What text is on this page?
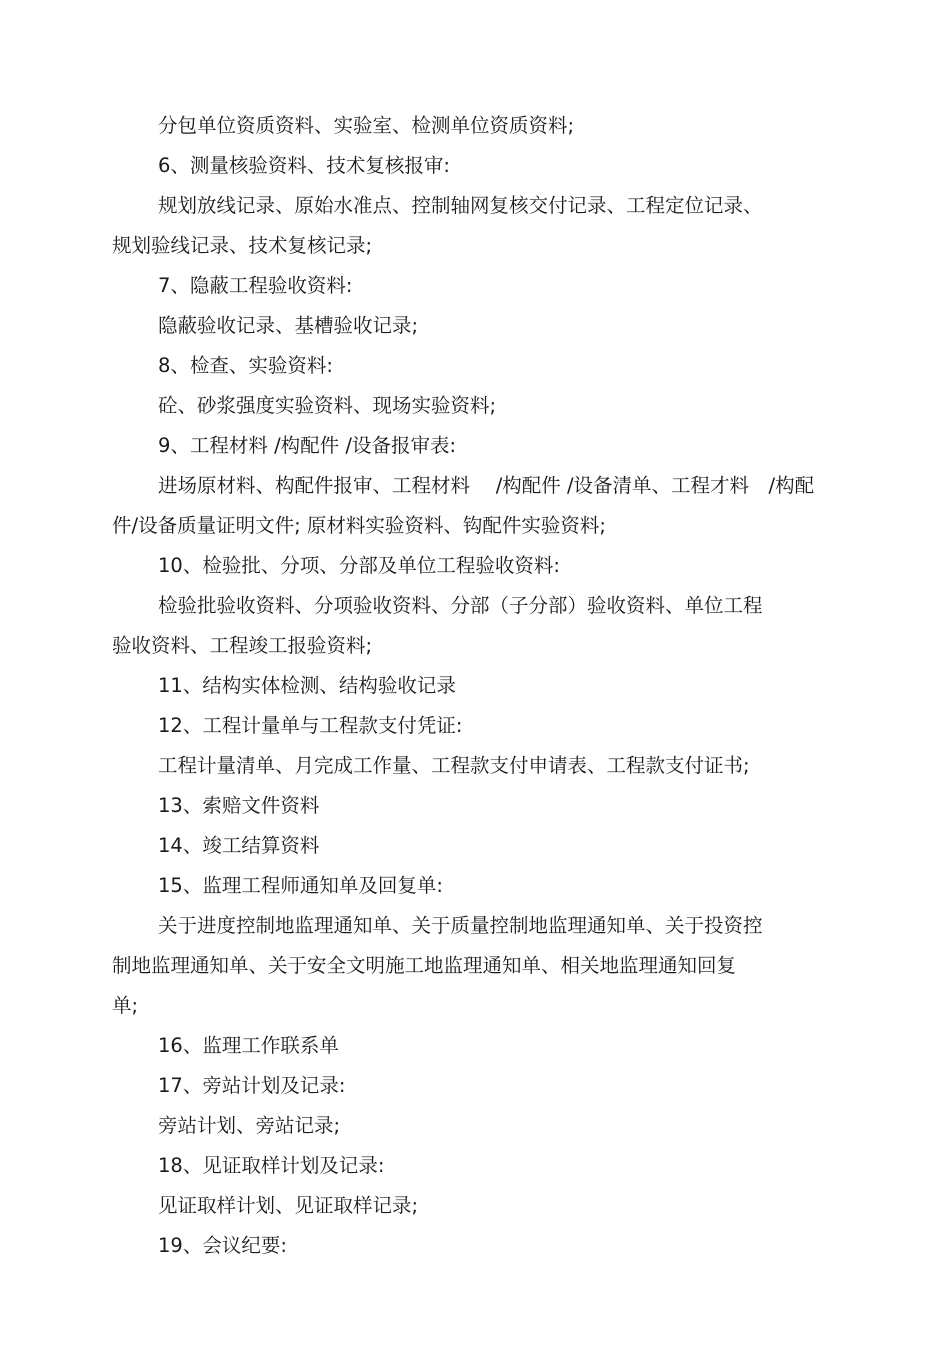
分包单位资质资料、实验室、检测单位资质资料;
6、测量核验资料、技术复核报审:
规划放线记录、原始水准点、控制轴网复核交付记录、工程定位记录、
规划验线记录、技术复核记录;
7、隐蔽工程验收资料:
隐蔽验收记录、基槽验收记录;
8、检查、实验资料:
砼、砂浆强度实验资料、现场实验资料;
9、工程材料 /构配件 /设备报审表:
进场原材料、构配件报审、工程材料　 /构配件 /设备清单、工程才料　/构配
件/设备质量证明文件; 原材料实验资料、钩配件实验资料;
10、检验批、分项、分部及单位工程验收资料:
检验批验收资料、分项验收资料、分部（子分部）验收资料、单位工程
验收资料、工程竣工报验资料;
11、结构实体检测、结构验收记录
12、工程计量单与工程款支付凭证:
工程计量清单、月完成工作量、工程款支付申请表、工程款支付证书;
13、索赔文件资料
14、竣工结算资料
15、监理工程师通知单及回复单:
关于进度控制地监理通知单、关于质量控制地监理通知单、关于投资控
制地监理通知单、关于安全文明施工地监理通知单、相关地监理通知回复
单;
16、监理工作联系单
17、旁站计划及记录:
旁站计划、旁站记录;
18、见证取样计划及记录:
见证取样计划、见证取样记录;
19、会议纪要:
